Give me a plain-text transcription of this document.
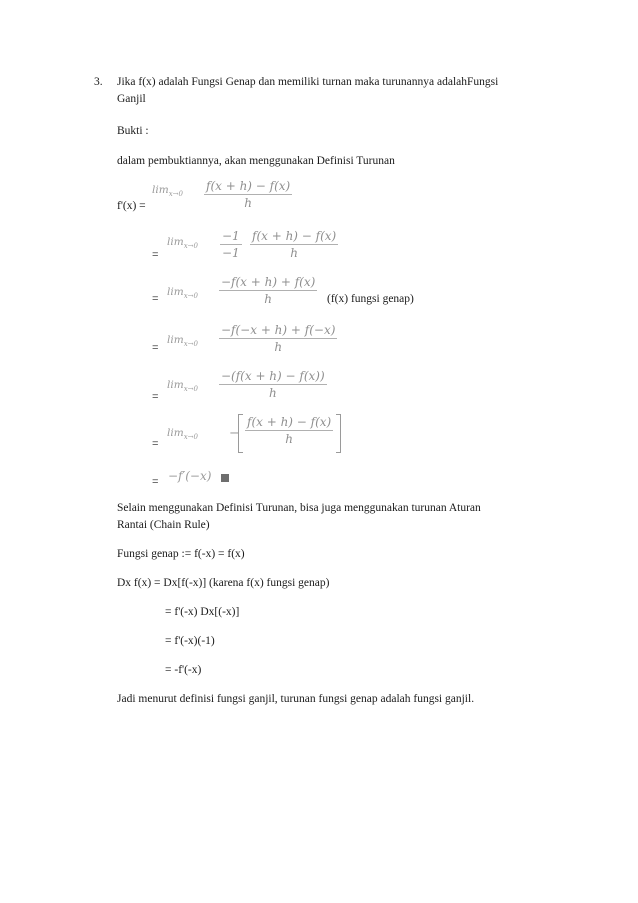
3. Jika f(x) adalah Fungsi Genap dan memiliki turnan maka turunannya adalahFungsi
Ganjil
Bukti :
dalam pembuktiannya, akan menggunakan Definisi Turunan
f'(x) =
$\lim_{x\to 0} \frac{f(x + h) - f(x)}{h}$
=
$\lim_{x\to 0} \frac{-1}{-1} \frac{f(x + h) - f(x)}{h}$
=
$\lim_{x\to 0} \frac{-f(x + h) + f(x)}{h} (f(x)$ fungsi genap)
=
$\lim_{x\to 0} \frac{-f(-x + h) + f(-x)}{h}$
=
$\lim_{x\to 0} \frac{-(f(x + h) - f(x))}{h}$
=
$\lim_{x\to 0} - \frac{f(x + h) - f(x)}{h}$
= −f′(−x)
Selain menggunakan Definisi Turunan, bisa juga menggunakan turunan Aturan
Rantai (Chain Rule)
Fungsi genap := f(-x) = f(x)
Dx f(x) = Dx[f(-x)] (karena f(x) fungsi genap)
= f'(-x) Dx[(-x)]
= f'(-x)(-1)
= -f'(-x)
Jadi menurut definisi fungsi ganjil, turunan fungsi genap adalah fungsi ganjil.
